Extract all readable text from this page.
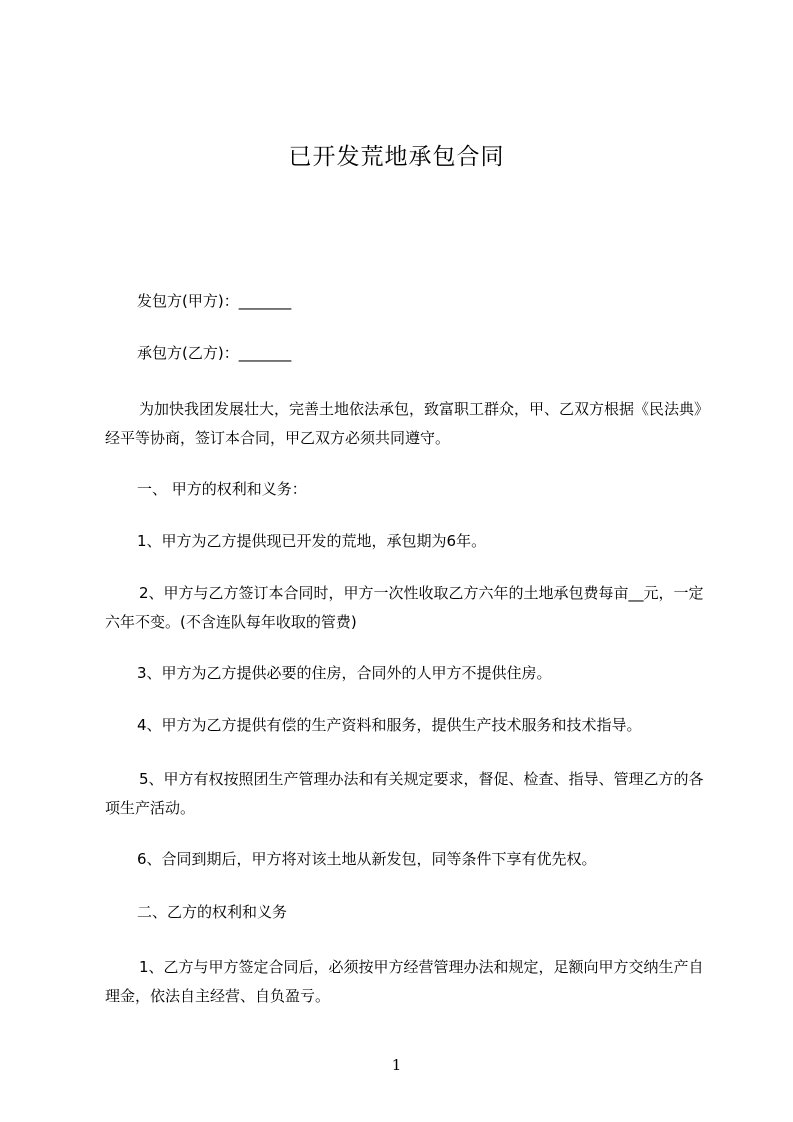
已开发荒地承包合同
发包方(甲方)：_______
承包方(乙方)：_______
为加快我团发展壮大，完善土地依法承包，致富职工群众，甲、乙双方根据《民法典》经平等协商，签订本合同，甲乙双方必须共同遵守。
一、 甲方的权利和义务：
1、甲方为乙方提供现已开发的荒地，承包期为6年。
2、甲方与乙方签订本合同时，甲方一次性收取乙方六年的土地承包费每亩__元，一定六年不变。(不含连队每年收取的管费)
3、甲方为乙方提供必要的住房，合同外的人甲方不提供住房。
4、甲方为乙方提供有偿的生产资料和服务，提供生产技术服务和技术指导。
5、甲方有权按照团生产管理办法和有关规定要求，督促、检查、指导、管理乙方的各项生产活动。
6、合同到期后，甲方将对该土地从新发包，同等条件下享有优先权。
二、乙方的权利和义务
1、乙方与甲方签定合同后，必须按甲方经营管理办法和规定，足额向甲方交纳生产自理金，依法自主经营、自负盈亏。
1
